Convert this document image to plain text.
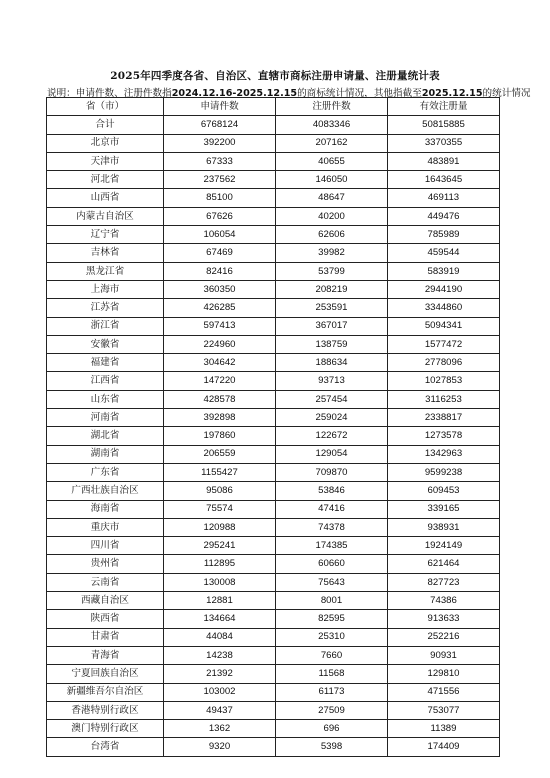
2025年四季度各省、自治区、直辖市商标注册申请量、注册量统计表
说明：申请件数、注册件数指2024.12.16-2025.12.15的商标统计情况，其他指截至2025.12.15的统计情况
省（市）	申请件数	注册件数	有效注册量
合计	6768124	4083346	50815885
北京市	392200	207162	3370355
天津市	67333	40655	483891
河北省	237562	146050	1643645
山西省	85100	48647	469113
内蒙古自治区	67626	40200	449476
辽宁省	106054	62606	785989
吉林省	67469	39982	459544
黑龙江省	82416	53799	583919
上海市	360350	208219	2944190
江苏省	426285	253591	3344860
浙江省	597413	367017	5094341
安徽省	224960	138759	1577472
福建省	304642	188634	2778096
江西省	147220	93713	1027853
山东省	428578	257454	3116253
河南省	392898	259024	2338817
湖北省	197860	122672	1273578
湖南省	206559	129054	1342963
广东省	1155427	709870	9599238
广西壮族自治区	95086	53846	609453
海南省	75574	47416	339165
重庆市	120988	74378	938931
四川省	295241	174385	1924149
贵州省	112895	60660	621464
云南省	130008	75643	827723
西藏自治区	12881	8001	74386
陕西省	134664	82595	913633
甘肃省	44084	25310	252216
青海省	14238	7660	90931
宁夏回族自治区	21392	11568	129810
新疆维吾尔自治区	103002	61173	471556
香港特别行政区	49437	27509	753077
澳门特别行政区	1362	696	11389
台湾省	9320	5398	174409
